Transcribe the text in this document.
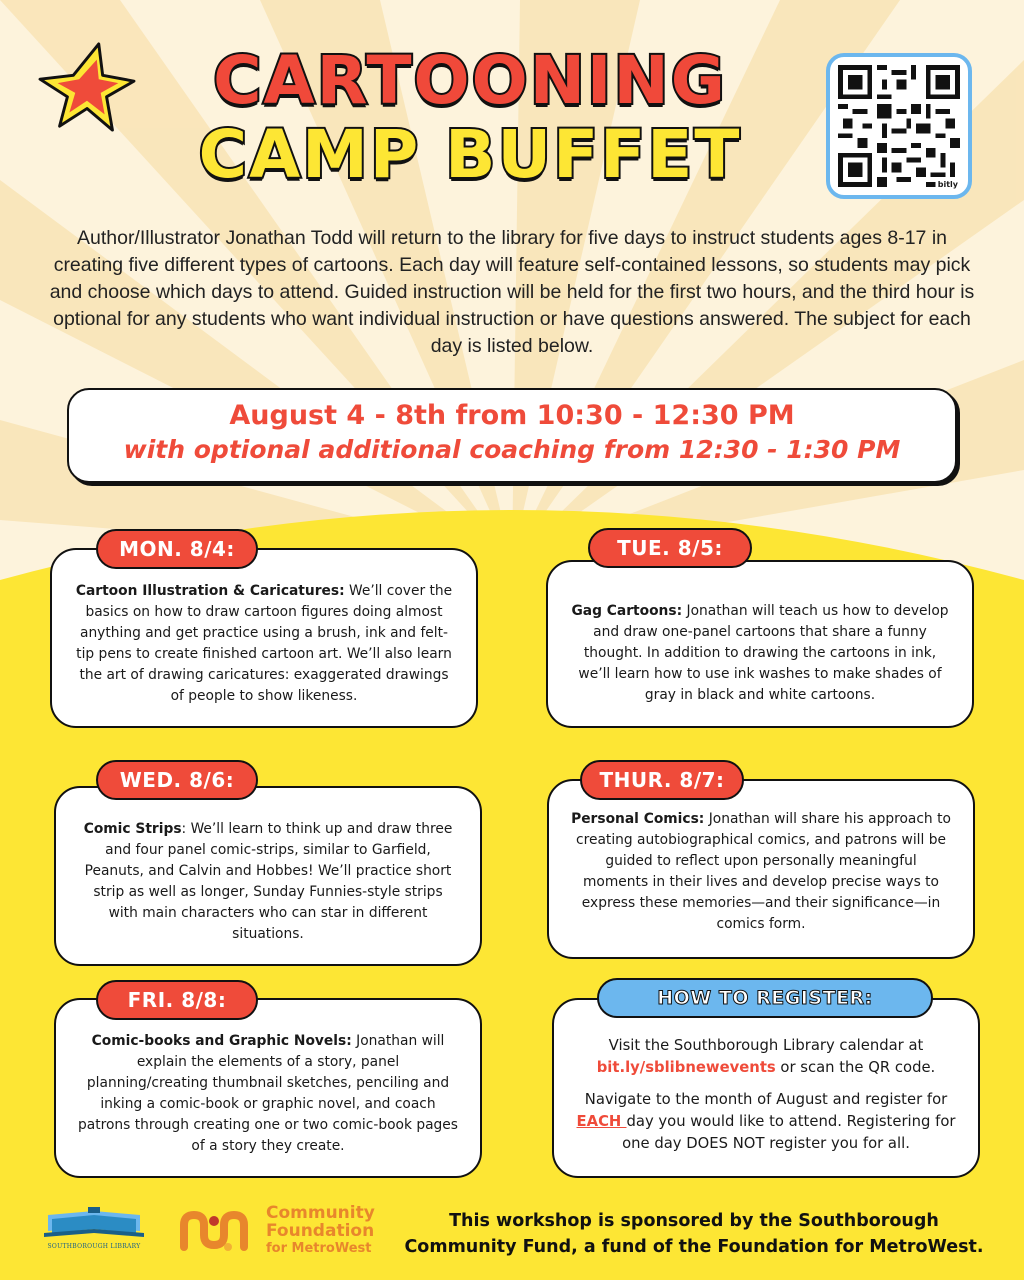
CARTOONING
CAMP BUFFET	bitly

Author/Illustrator Jonathan Todd will return to the library for five days to instruct students ages 8-17 in creating five different types of cartoons. Each day will feature self-contained lessons, so students may pick and choose which days to attend. Guided instruction will be held for the first two hours, and the third hour is optional for any students who want individual instruction or have questions answered. The subject for each day is listed below.

August 4 - 8th from 10:30 - 12:30 PM
with optional additional coaching from 12:30 - 1:30 PM

Cartoon Illustration & Caricatures: We’ll cover the basics on how to draw cartoon figures doing almost anything and get practice using a brush, ink and felt-tip pens to create finished cartoon art. We’ll also learn the art of drawing caricatures: exaggerated drawings of people to show likeness.

MON. 8/4:

Gag Cartoons: Jonathan will teach us how to develop and draw one-panel cartoons that share a funny thought. In addition to drawing the cartoons in ink, we’ll learn how to use ink washes to make shades of gray in black and white cartoons.

TUE. 8/5:

Comic Strips: We’ll learn to think up and draw three and four panel comic-strips, similar to Garfield, Peanuts, and Calvin and Hobbes! We’ll practice short strip as well as longer, Sunday Funnies-style strips with main characters who can star in different situations.

WED. 8/6:

Personal Comics: Jonathan will share his approach to creating autobiographical comics, and patrons will be guided to reflect upon personally meaningful moments in their lives and develop precise ways to express these memories—and their significance—in comics form.

THUR. 8/7:

Comic-books and Graphic Novels: Jonathan will explain the elements of a story, panel planning/creating thumbnail sketches, penciling and inking a comic-book or graphic novel, and coach patrons through creating one or two comic-book pages of a story they create.

FRI. 8/8:

Visit the Southborough Library calendar at bit.ly/sblibnewevents or scan the QR code.

Navigate to the month of August and register for EACH day you would like to attend. Registering for one day DOES NOT register you for all.

HOW TO REGISTER:
SOUTHBOROUGH LIBRARY
Community
Foundation
for MetroWest

This workshop is sponsored by the Southborough Community Fund, a fund of the Foundation for MetroWest.
